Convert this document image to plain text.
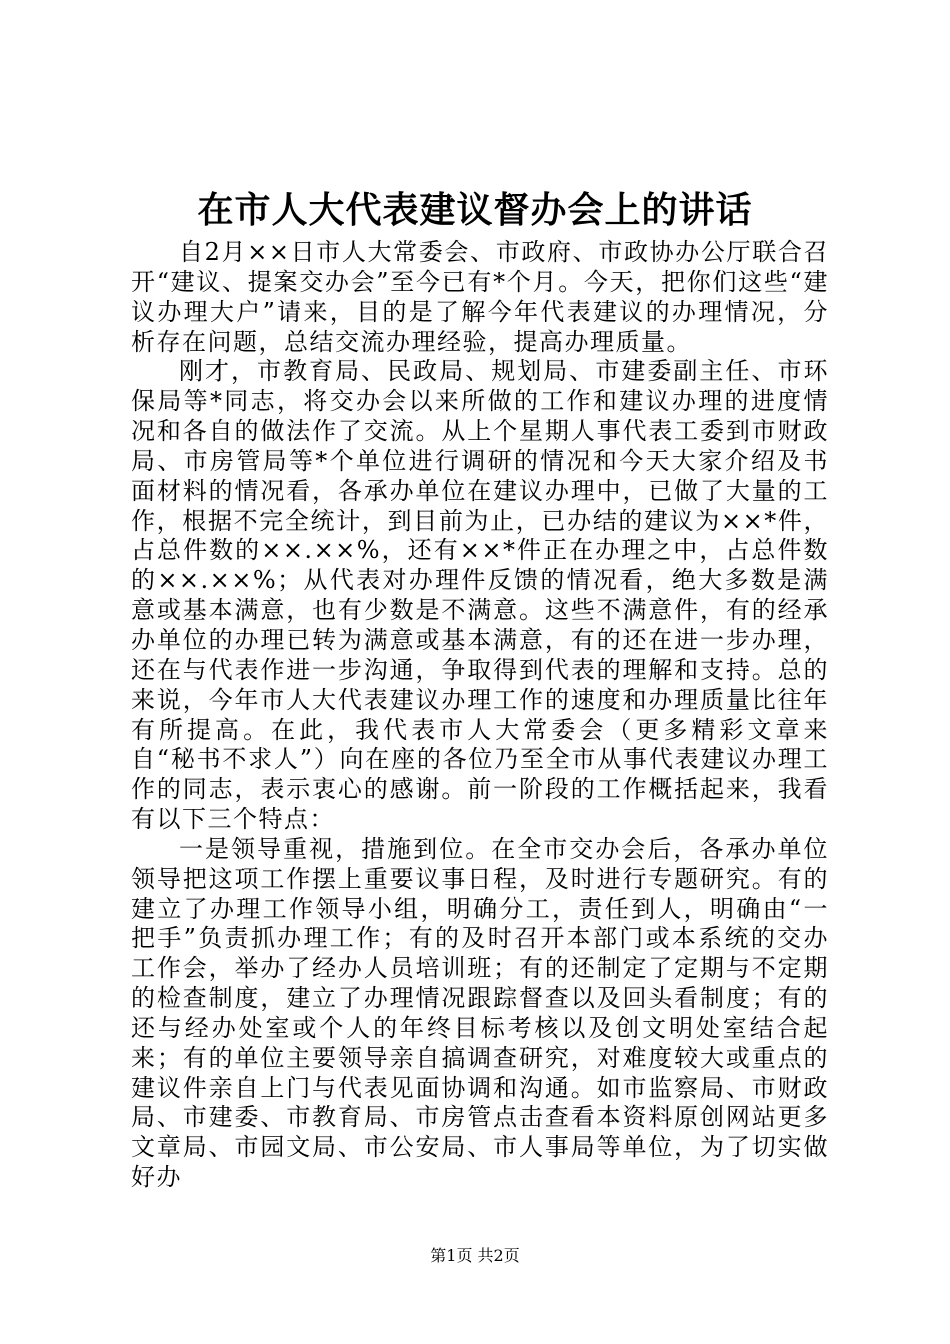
在市人大代表建议督办会上的讲话

自2月××日市人大常委会、市政府、市政协办公厅联合召开“建议、提案交办会”至今已有*个月。今天，把你们这些“建议办理大户”请来，目的是了解今年代表建议的办理情况，分析存在问题，总结交流办理经验，提高办理质量。

刚才，市教育局、民政局、规划局、市建委副主任、市环保局等*同志，将交办会以来所做的工作和建议办理的进度情况和各自的做法作了交流。从上个星期人事代表工委到市财政局、市房管局等*个单位进行调研的情况和今天大家介绍及书面材料的情况看，各承办单位在建议办理中，已做了大量的工作，根据不完全统计，到目前为止，已办结的建议为××*件，占总件数的××.××%，还有××*件正在办理之中，占总件数的××.××%；从代表对办理件反馈的情况看，绝大多数是满意或基本满意，也有少数是不满意。这些不满意件，有的经承办单位的办理已转为满意或基本满意，有的还在进一步办理，还在与代表作进一步沟通，争取得到代表的理解和支持。总的来说，今年市人大代表建议办理工作的速度和办理质量比往年有所提高。在此，我代表市人大常委会（更多精彩文章来自“秘书不求人”）向在座的各位乃至全市从事代表建议办理工作的同志，表示衷心的感谢。前一阶段的工作概括起来，我看有以下三个特点：

一是领导重视，措施到位。在全市交办会后，各承办单位领导把这项工作摆上重要议事日程，及时进行专题研究。有的建立了办理工作领导小组，明确分工，责任到人，明确由“一把手”负责抓办理工作；有的及时召开本部门或本系统的交办工作会，举办了经办人员培训班；有的还制定了定期与不定期的检查制度，建立了办理情况跟踪督查以及回头看制度；有的还与经办处室或个人的年终目标考核以及创文明处室结合起来；有的单位主要领导亲自搞调查研究，对难度较大或重点的建议件亲自上门与代表见面协调和沟通。如市监察局、市财政局、市建委、市教育局、市房管点击查看本资料原创网站更多文章局、市园文局、市公安局、市人事局等单位，为了切实做好办

第1页 共2页
